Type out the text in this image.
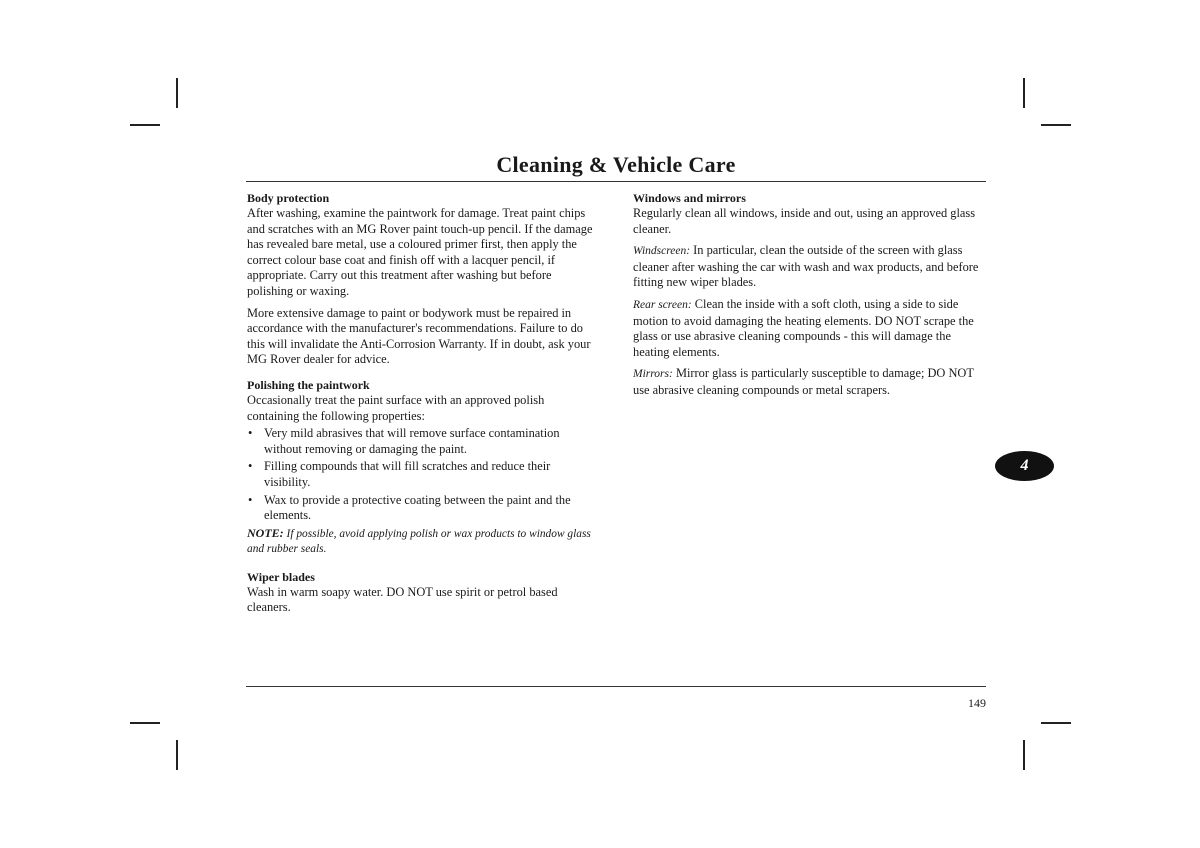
Cleaning & Vehicle Care
Body protection

After washing, examine the paintwork for damage. Treat paint chips and scratches with an MG Rover paint touch-up pencil. If the damage has revealed bare metal, use a coloured primer first, then apply the correct colour base coat and finish off with a lacquer pencil, if appropriate. Carry out this treatment after washing but before polishing or waxing.

More extensive damage to paint or bodywork must be repaired in accordance with the manufacturer's recommendations. Failure to do this will invalidate the Anti-Corrosion Warranty. If in doubt, ask your MG Rover dealer for advice.

Polishing the paintwork

Occasionally treat the paint surface with an approved polish containing the following properties:

• Very mild abrasives that will remove surface contamination without removing or damaging the paint.
• Filling compounds that will fill scratches and reduce their visibility.
• Wax to provide a protective coating between the paint and the elements.

NOTE: If possible, avoid applying polish or wax products to window glass and rubber seals.

Wiper blades

Wash in warm soapy water. DO NOT use spirit or petrol based cleaners.

Windows and mirrors

Regularly clean all windows, inside and out, using an approved glass cleaner.

Windscreen: In particular, clean the outside of the screen with glass cleaner after washing the car with wash and wax products, and before fitting new wiper blades.

Rear screen: Clean the inside with a soft cloth, using a side to side motion to avoid damaging the heating elements. DO NOT scrape the glass or use abrasive cleaning compounds - this will damage the heating elements.

Mirrors: Mirror glass is particularly susceptible to damage; DO NOT use abrasive cleaning compounds or metal scrapers.

4
149
